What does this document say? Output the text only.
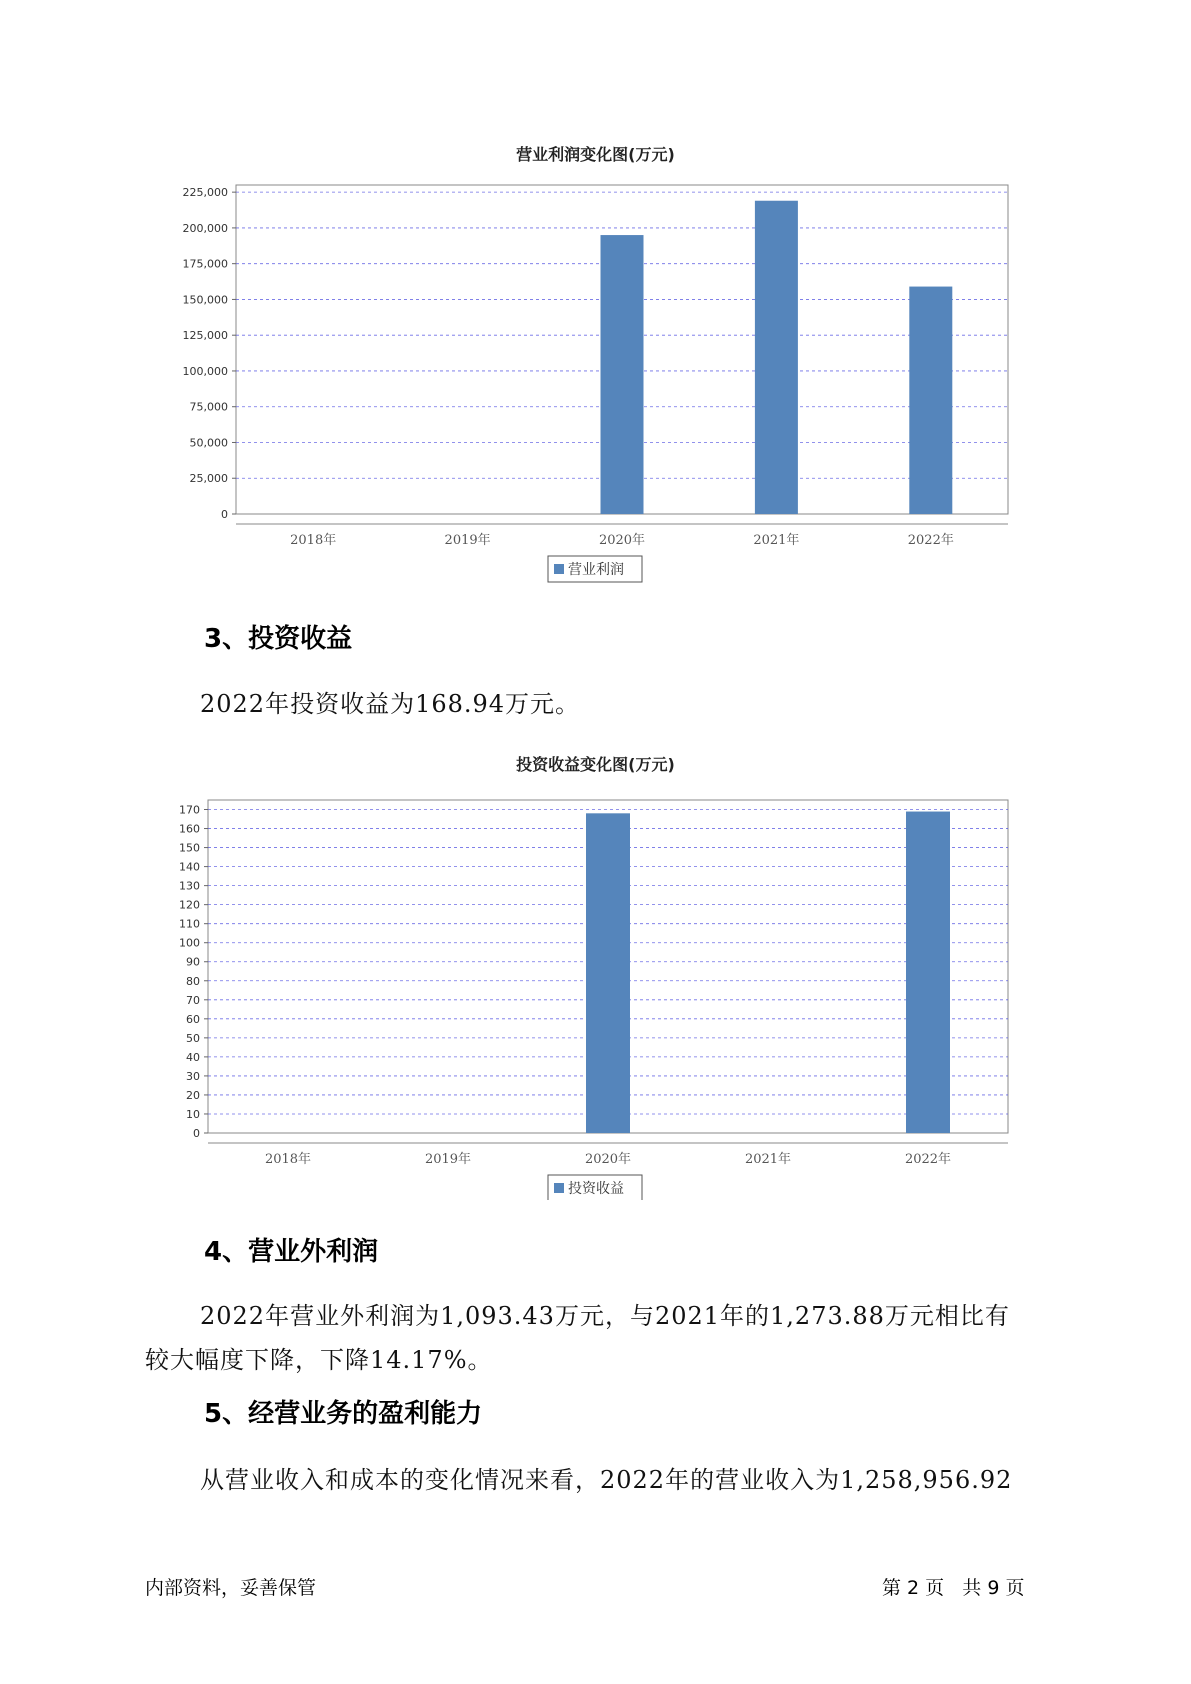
营业利润变化图(万元)
0
25,000
50,000
75,000
100,000
125,000
150,000
175,000
200,000
225,000
2018年	2019年	2020年	2021年	2022年
营业利润
3、投资收益
2022年投资收益为168.94万元。
投资收益变化图(万元)
0
10
20
30
40
50
60
70
80
90
100
110
120
130
140
150
160
170
2018年	2019年	2020年	2021年	2022年
投资收益
4、营业外利润
2022年营业外利润为1,093.43万元，与2021年的1,273.88万元相比有
较大幅度下降，下降14.17%。
5、经营业务的盈利能力
从营业收入和成本的变化情况来看，2022年的营业收入为1,258,956.92
内部资料，妥善保管	第 2 页   共 9 页
